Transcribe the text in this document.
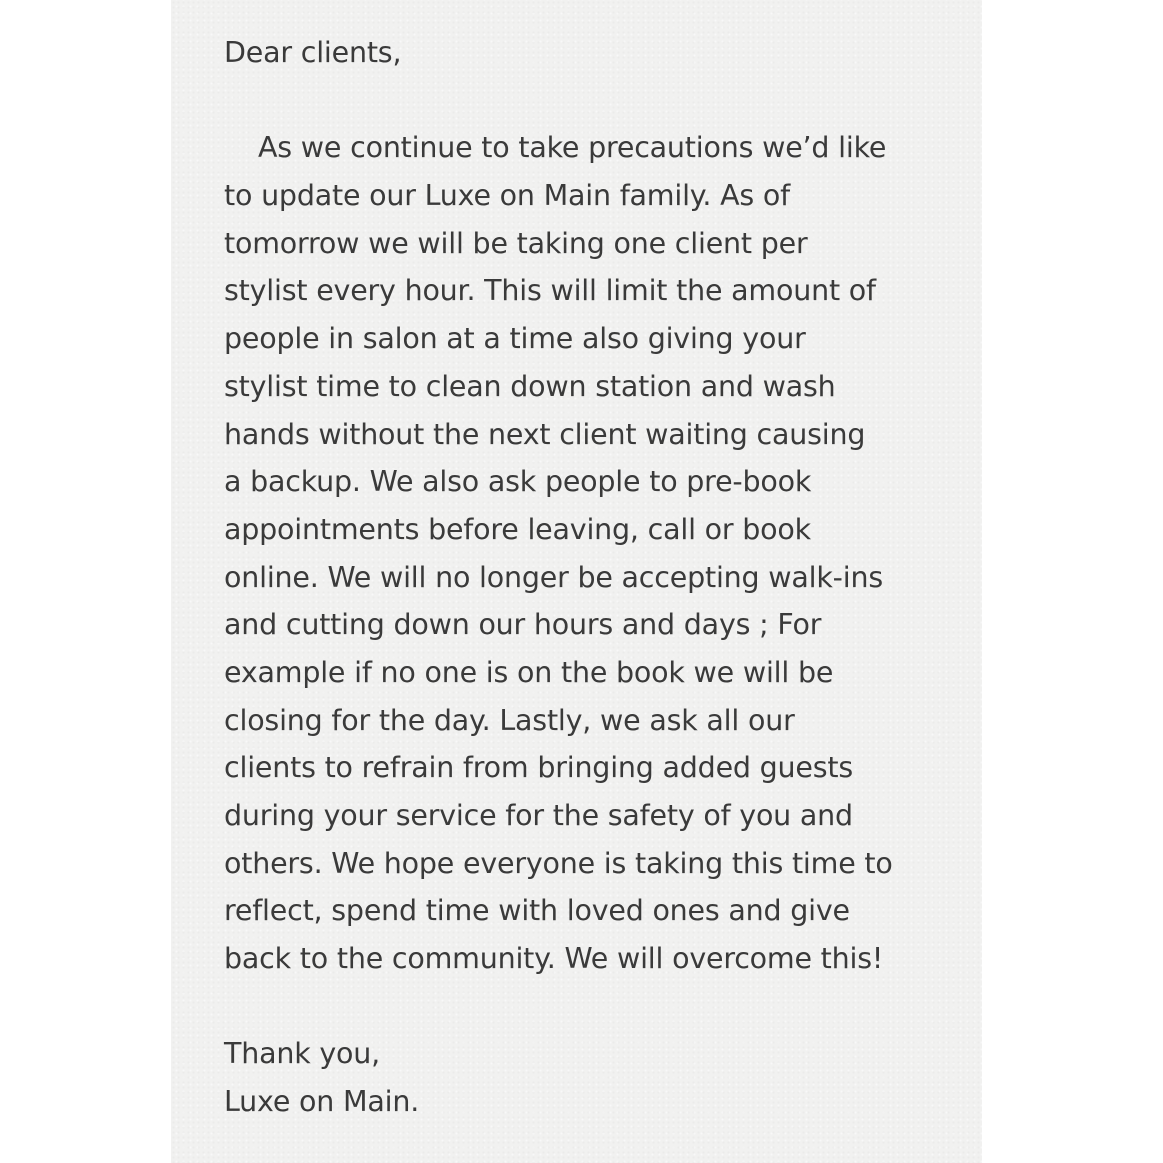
Dear clients,
As we continue to take precautions we’d like
to update our Luxe on Main family. As of
tomorrow we will be taking one client per
stylist every hour. This will limit the amount of
people in salon at a time also giving your
stylist time to clean down station and wash
hands without the next client waiting causing
a backup. We also ask people to pre-book
appointments before leaving, call or book
online. We will no longer be accepting walk-ins
and cutting down our hours and days ; For
example if no one is on the book we will be
closing for the day. Lastly, we ask all our
clients to refrain from bringing added guests
during your service for the safety of you and
others. We hope everyone is taking this time to
reflect, spend time with loved ones and give
back to the community. We will overcome this!
Thank you,
Luxe on Main.
